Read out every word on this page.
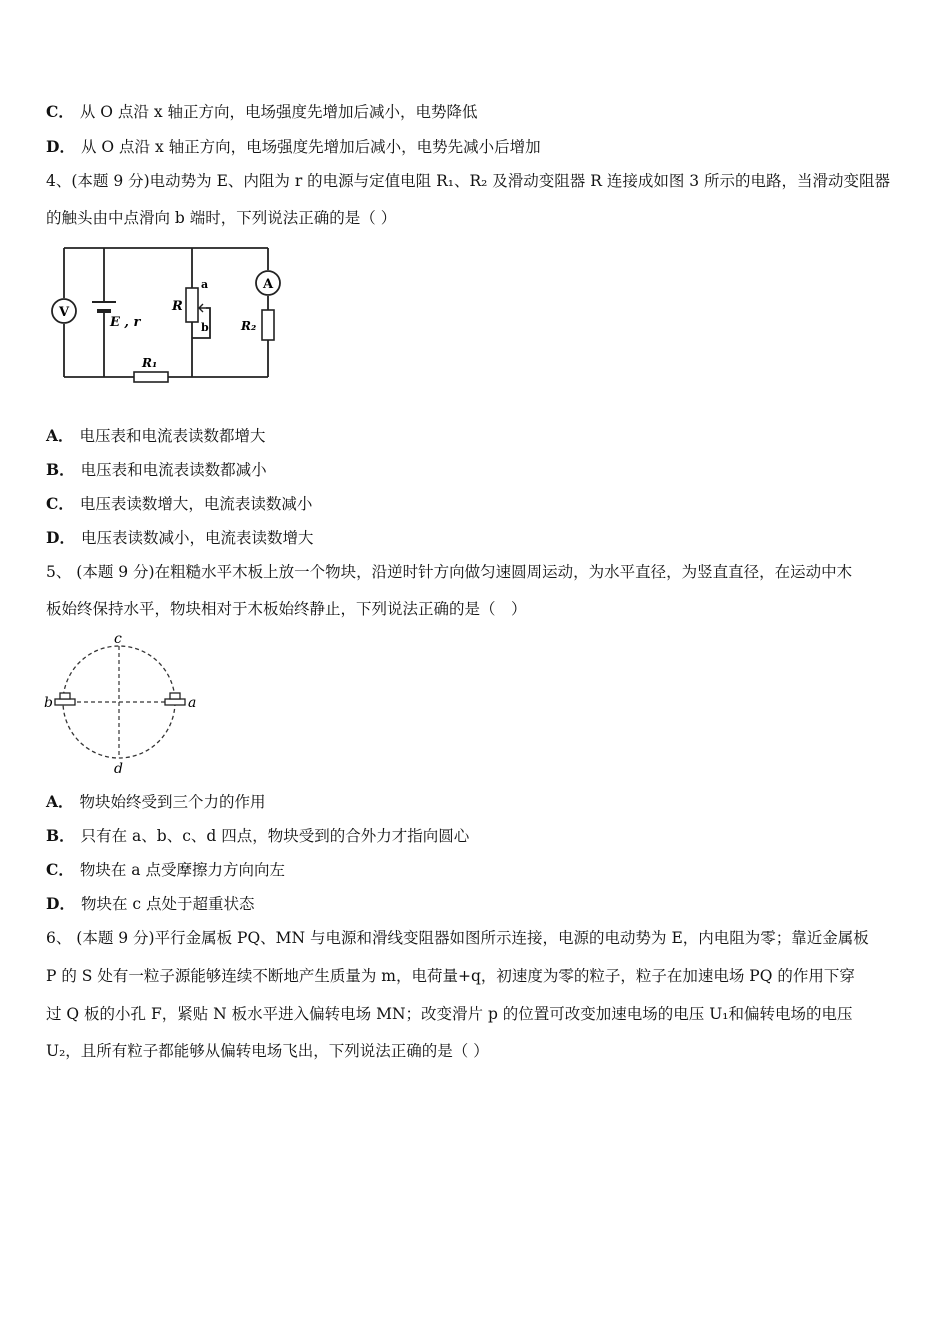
C． 从 O 点沿 x 轴正方向，电场强度先增加后减小，电势降低
D． 从 O 点沿 x 轴正方向，电场强度先增加后减小，电势先减小后增加
4、(本题 9 分)电动势为 E、内阻为 r 的电源与定值电阻 R₁、R₂ 及滑动变阻器 R 连接成如图 3 所示的电路，当滑动变阻器
的触头由中点滑向 b 端时，下列说法正确的是（ ）
V
E , r
R
a
b
A
R₂
R₁
A． 电压表和电流表读数都增大
B． 电压表和电流表读数都减小
C． 电压表读数增大，电流表读数减小
D． 电压表读数减小，电流表读数增大
5、 (本题 9 分)在粗糙水平木板上放一个物块，沿逆时针方向做匀速圆周运动，为水平直径，为竖直直径，在运动中木
板始终保持水平，物块相对于木板始终静止，下列说法正确的是（　）
a
b
c
d
A． 物块始终受到三个力的作用
B． 只有在 a、b、c、d 四点，物块受到的合外力才指向圆心
C． 物块在 a 点受摩擦力方向向左
D． 物块在 c 点处于超重状态
6、 (本题 9 分)平行金属板 PQ、MN 与电源和滑线变阻器如图所示连接，电源的电动势为 E，内电阻为零；靠近金属板
P 的 S 处有一粒子源能够连续不断地产生质量为 m，电荷量+q，初速度为零的粒子，粒子在加速电场 PQ 的作用下穿
过 Q 板的小孔 F，紧贴 N 板水平进入偏转电场 MN；改变滑片 p 的位置可改变加速电场的电压 U₁和偏转电场的电压
U₂，且所有粒子都能够从偏转电场飞出，下列说法正确的是（ ）
